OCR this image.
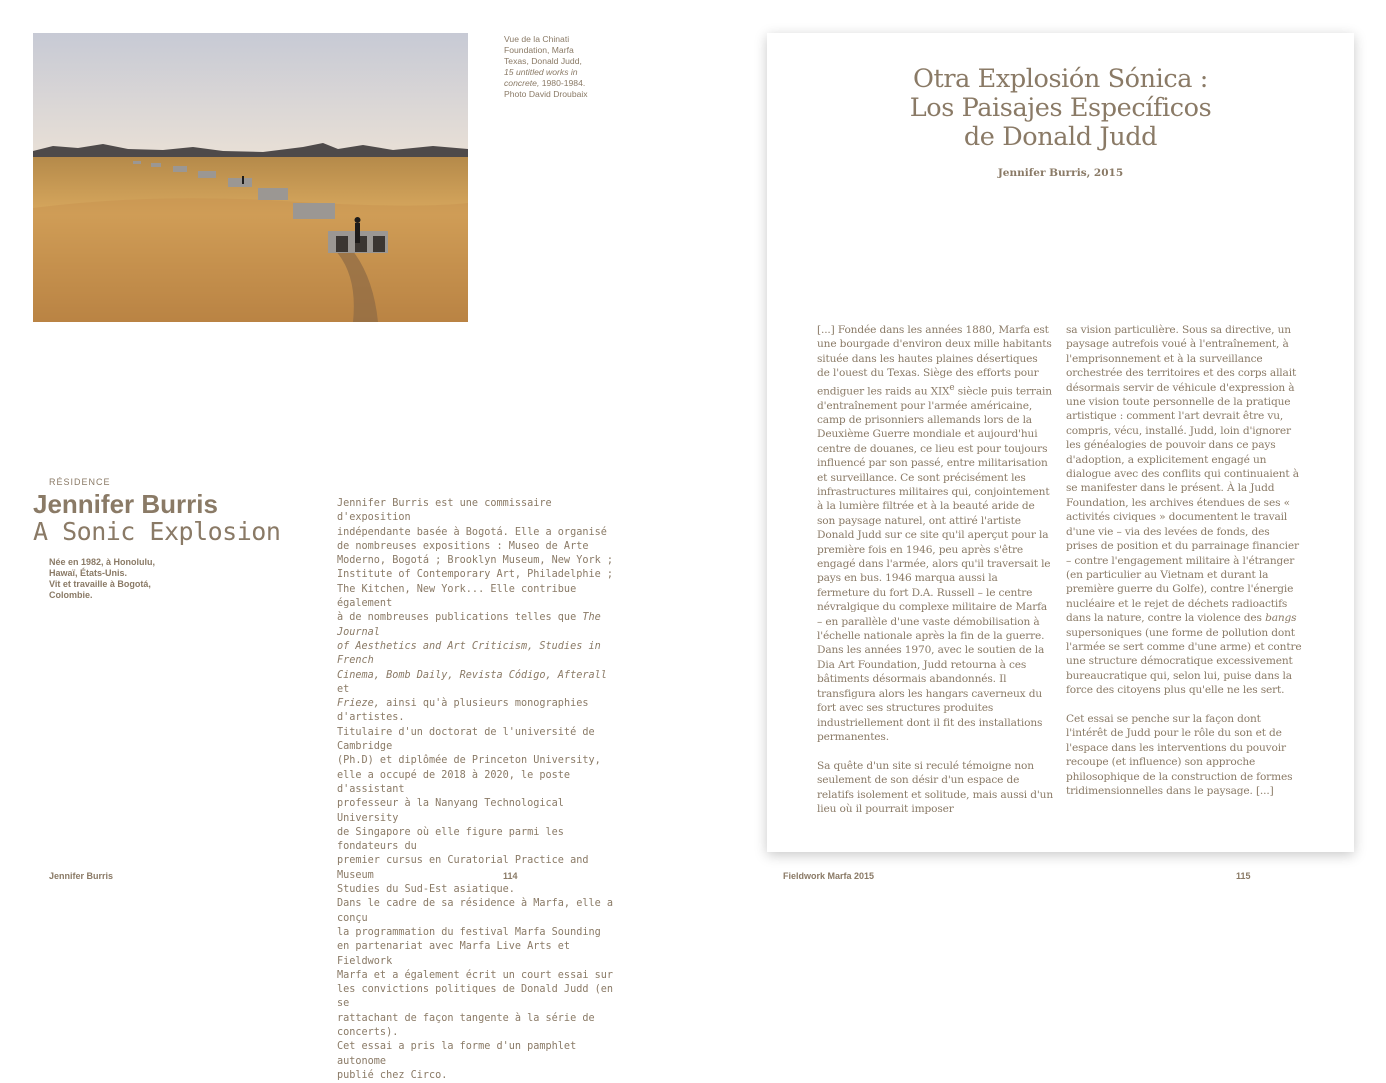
Vue de la Chinati

Foundation, Marfa

Texas, Donald Judd,

15 untitled works in

concrete, 1980-1984.

Photo David Droubaix

RÉSIDENCE
Jennifer Burris
A Sonic Explosion

Née en 1982, à Honolulu,

Hawaï, États-Unis.

Vit et travaille à Bogotá,

Colombie.

Jennifer Burris est une commissaire d'exposition

indépendante basée à Bogotá. Elle a organisé

de nombreuses expositions : Museo de Arte

Moderno, Bogotá ; Brooklyn Museum, New York ;

Institute of Contemporary Art, Philadelphie ;

The Kitchen, New York... Elle contribue également

à de nombreuses publications telles que The Journal

of Aesthetics and Art Criticism, Studies in French

Cinema, Bomb Daily, Revista Código, Afterall et

Frieze, ainsi qu'à plusieurs monographies d'artistes.

Titulaire d'un doctorat de l'université de Cambridge

(Ph.D) et diplômée de Princeton University,

elle a occupé de 2018 à 2020, le poste d'assistant

professeur à la Nanyang Technological University

de Singapore où elle figure parmi les fondateurs du

premier cursus en Curatorial Practice and Museum

Studies du Sud-Est asiatique.

Dans le cadre de sa résidence à Marfa, elle a conçu

la programmation du festival Marfa Sounding

en partenariat avec Marfa Live Arts et Fieldwork

Marfa et a également écrit un court essai sur

les convictions politiques de Donald Judd (en se

rattachant de façon tangente à la série de concerts).

Cet essai a pris la forme d'un pamphlet autonome

publié chez Circo.

Jennifer Burris	114
Otra Explosión Sónica :
Los Paisajes Específicos
de Donald Judd
Jennifer Burris, 2015

[...] Fondée dans les années 1880, Marfa est une bourgade d'environ deux mille habitants située dans les hautes plaines désertiques de l'ouest du Texas. Siège des efforts pour endiguer les raids au XIXe siècle puis terrain d'entraînement pour l'armée américaine, camp de prisonniers allemands lors de la Deuxième Guerre mondiale et aujourd'hui centre de douanes, ce lieu est pour toujours influencé par son passé, entre militarisation et surveillance. Ce sont précisément les infrastructures militaires qui, conjointement à la lumière filtrée et à la beauté aride de son paysage naturel, ont attiré l'artiste Donald Judd sur ce site qu'il aperçut pour la première fois en 1946, peu après s'être engagé dans l'armée, alors qu'il traversait le pays en bus. 1946 marqua aussi la fermeture du fort D.A. Russell – le centre névralgique du complexe militaire de Marfa – en parallèle d'une vaste démobilisation à l'échelle nationale après la fin de la guerre. Dans les années 1970, avec le soutien de la Dia Art Foundation, Judd retourna à ces bâtiments désormais abandonnés. Il transfigura alors les hangars caverneux du fort avec ses structures produites industriellement dont il fit des installations permanentes.

Sa quête d'un site si reculé témoigne non seulement de son désir d'un espace de relatifs isolement et solitude, mais aussi d'un lieu où il pourrait imposer

sa vision particulière. Sous sa directive, un paysage autrefois voué à l'entraînement, à l'emprisonnement et à la surveillance orchestrée des territoires et des corps allait désormais servir de véhicule d'expression à une vision toute personnelle de la pratique artistique : comment l'art devrait être vu, compris, vécu, installé. Judd, loin d'ignorer les généalogies de pouvoir dans ce pays d'adoption, a explicitement engagé un dialogue avec des conflits qui continuaient à se manifester dans le présent. À la Judd Foundation, les archives étendues de ses « activités civiques » documentent le travail d'une vie – via des levées de fonds, des prises de position et du parrainage financier – contre l'engagement militaire à l'étranger (en particulier au Vietnam et durant la première guerre du Golfe), contre l'énergie nucléaire et le rejet de déchets radioactifs dans la nature, contre la violence des bangs supersoniques (une forme de pollution dont l'armée se sert comme d'une arme) et contre une structure démocratique excessivement bureaucratique qui, selon lui, puise dans la force des citoyens plus qu'elle ne les sert.

Cet essai se penche sur la façon dont l'intérêt de Judd pour le rôle du son et de l'espace dans les interventions du pouvoir recoupe (et influence) son approche philosophique de la construction de formes tridimensionnelles dans le paysage. [...]

Fieldwork Marfa 2015	115
